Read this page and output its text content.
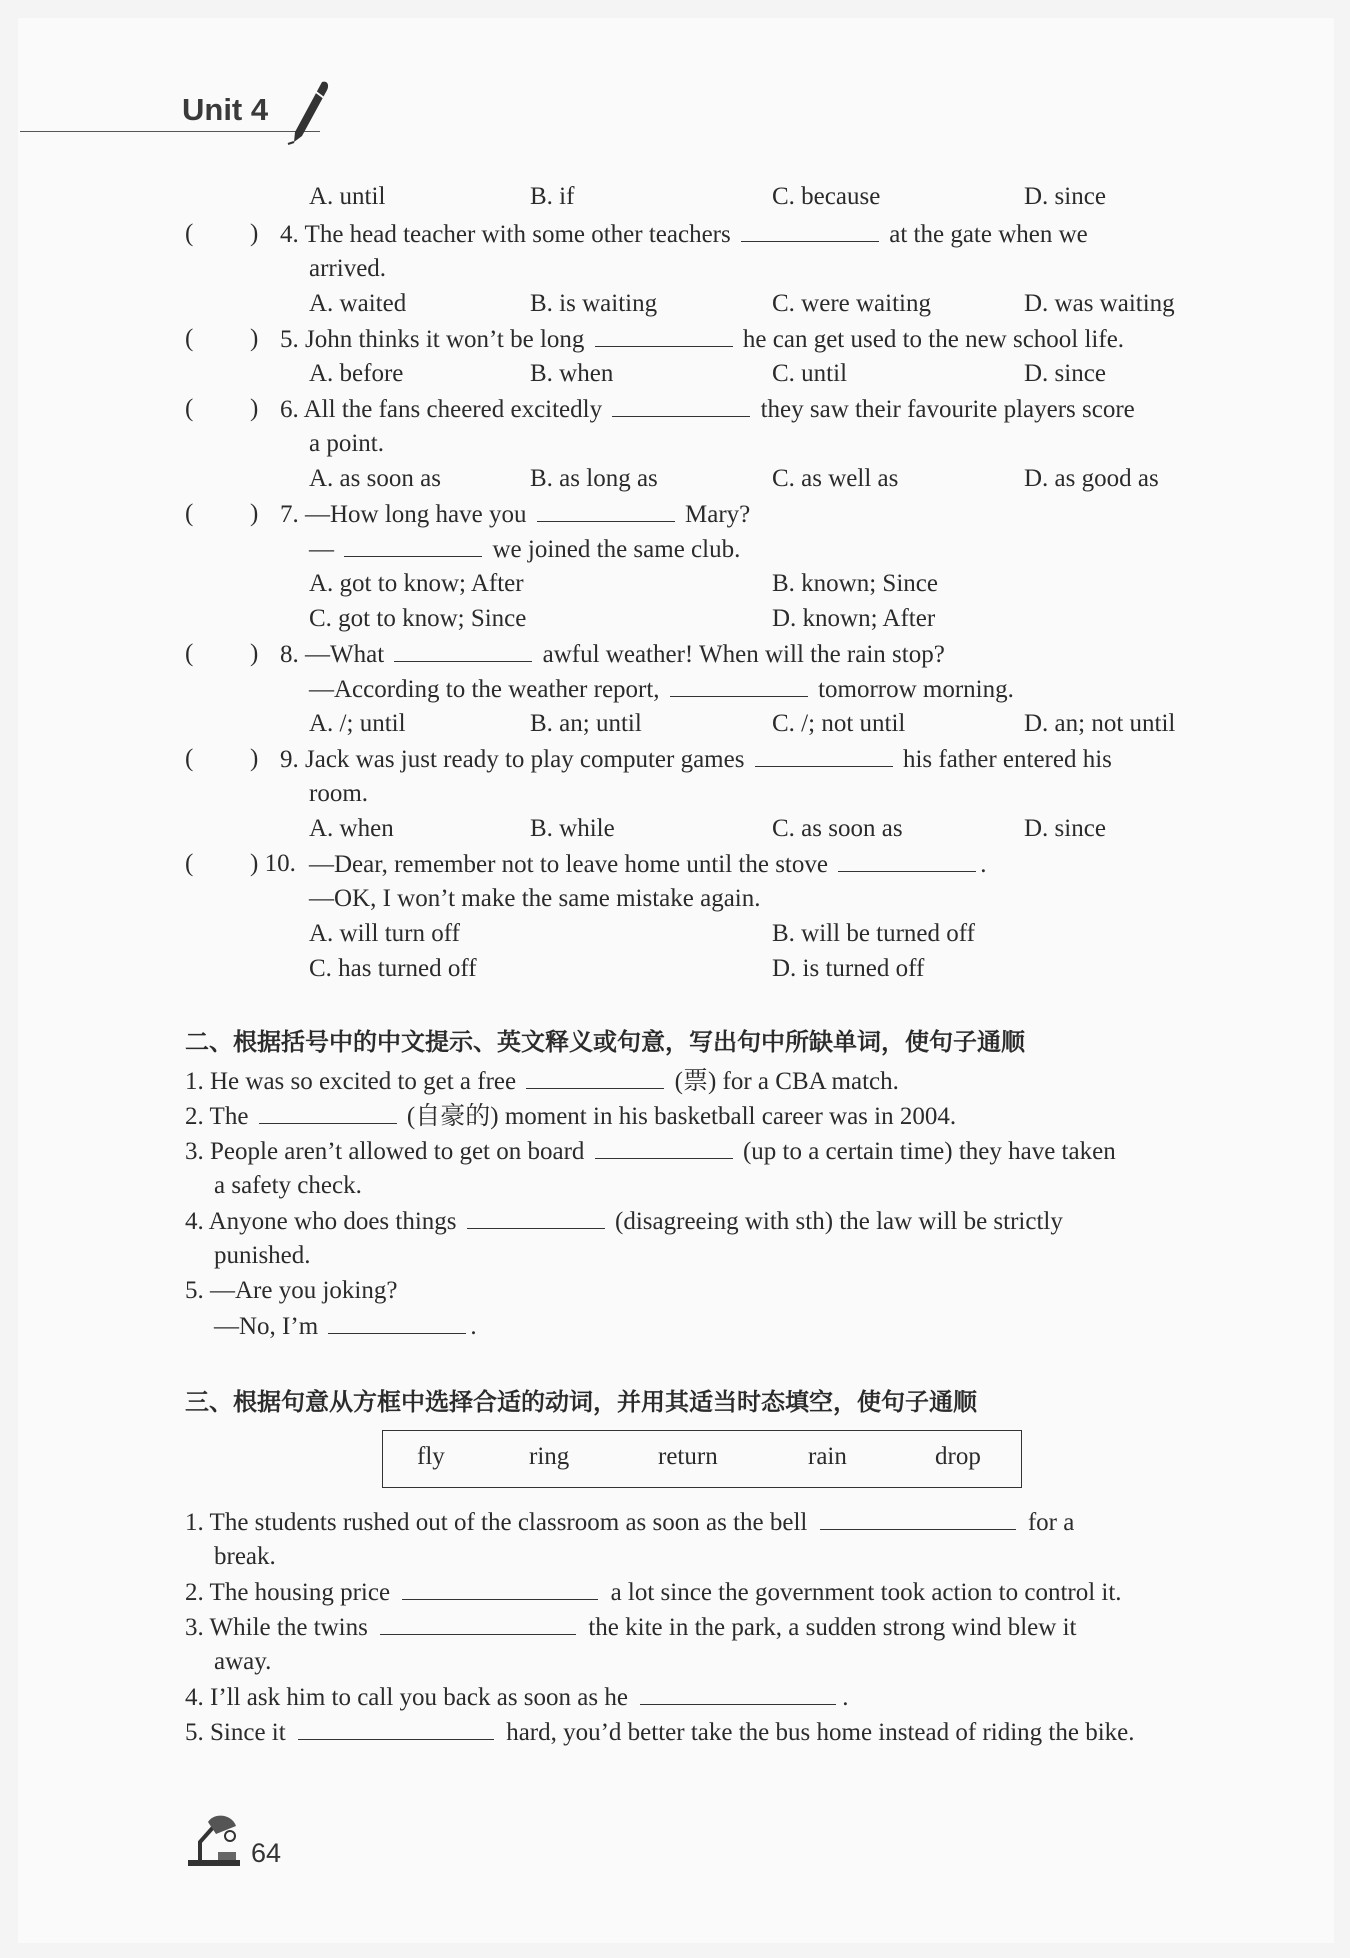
Unit 4
A. until	B. if	C. because	D. since
( ) 4. The head teacher with some other teachers	at the gate when we
arrived.
A. waited	B. is waiting	C. were waiting	D. was waiting
( ) 5. John thinks it won’t be long	he can get used to the new school life.
A. before	B. when	C. until	D. since
( ) 6. All the fans cheered excitedly	they saw their favourite players score
a point.
A. as soon as	B. as long as	C. as well as	D. as good as
( ) 7. —How long have you	Mary?
—	we joined the same club.
A. got to know; After	B. known; Since
C. got to know; Since	D. known; After
( ) 8. —What	awful weather! When will the rain stop?
—According to the weather report,	tomorrow morning.
A. /; until	B. an; until	C. /; not until	D. an; not until
( ) 9. Jack was just ready to play computer games	his father entered his
room.
A. when	B. while	C. as soon as	D. since
( ) 10. —Dear, remember not to leave home until the stove	.
—OK, I won’t make the same mistake again.
A. will turn off	B. will be turned off
C. has turned off	D. is turned off
二、根据括号中的中文提示、英文释义或句意，写出句中所缺单词，使句子通顺
1. He was so excited to get a free	(票) for a CBA match.
2. The	(自豪的) moment in his basketball career was in 2004.
3. People aren’t allowed to get on board	(up to a certain time) they have taken
a safety check.
4. Anyone who does things	(disagreeing with sth) the law will be strictly
punished.
5. —Are you joking?
—No, I’m	.
三、根据句意从方框中选择合适的动词，并用其适当时态填空，使句子通顺
fly	ring	return	rain	drop
1. The students rushed out of the classroom as soon as the bell	for a
break.
2. The housing price	a lot since the government took action to control it.
3. While the twins	the kite in the park, a sudden strong wind blew it
away.
4. I’ll ask him to call you back as soon as he	.
5. Since it	hard, you’d better take the bus home instead of riding the bike.
64
